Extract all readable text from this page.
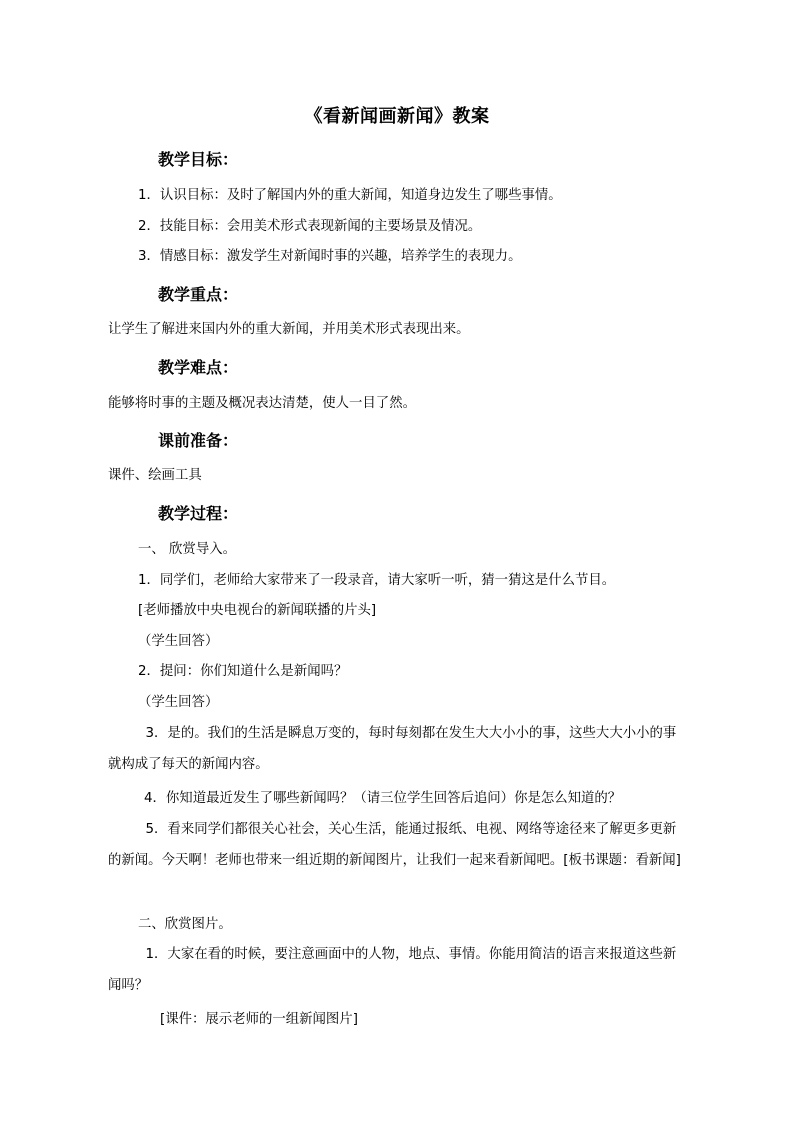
《看新闻画新闻》教案
教学目标：
1．认识目标：及时了解国内外的重大新闻，知道身边发生了哪些事情。
2．技能目标：会用美术形式表现新闻的主要场景及情况。
3．情感目标：激发学生对新闻时事的兴趣，培养学生的表现力。
教学重点：
让学生了解进来国内外的重大新闻，并用美术形式表现出来。
教学难点：
能够将时事的主题及概况表达清楚，使人一目了然。
课前准备：
课件、绘画工具
教学过程：
一、 欣赏导入。
1．同学们，老师给大家带来了一段录音，请大家听一听，猜一猜这是什么节目。
[老师播放中央电视台的新闻联播的片头]
（学生回答）
2．提问：你们知道什么是新闻吗？
（学生回答）
3．是的。我们的生活是瞬息万变的，每时每刻都在发生大大小小的事，这些大大小小的事就构成了每天的新闻内容。
4．你知道最近发生了哪些新闻吗？（请三位学生回答后追问）你是怎么知道的？
5．看来同学们都很关心社会，关心生活，能通过报纸、电视、网络等途径来了解更多更新的新闻。今天啊！老师也带来一组近期的新闻图片，让我们一起来看新闻吧。[板书课题：看新闻]
二、欣赏图片。
1．大家在看的时候，要注意画面中的人物，地点、事情。你能用简洁的语言来报道这些新闻吗？
[课件：展示老师的一组新闻图片]
